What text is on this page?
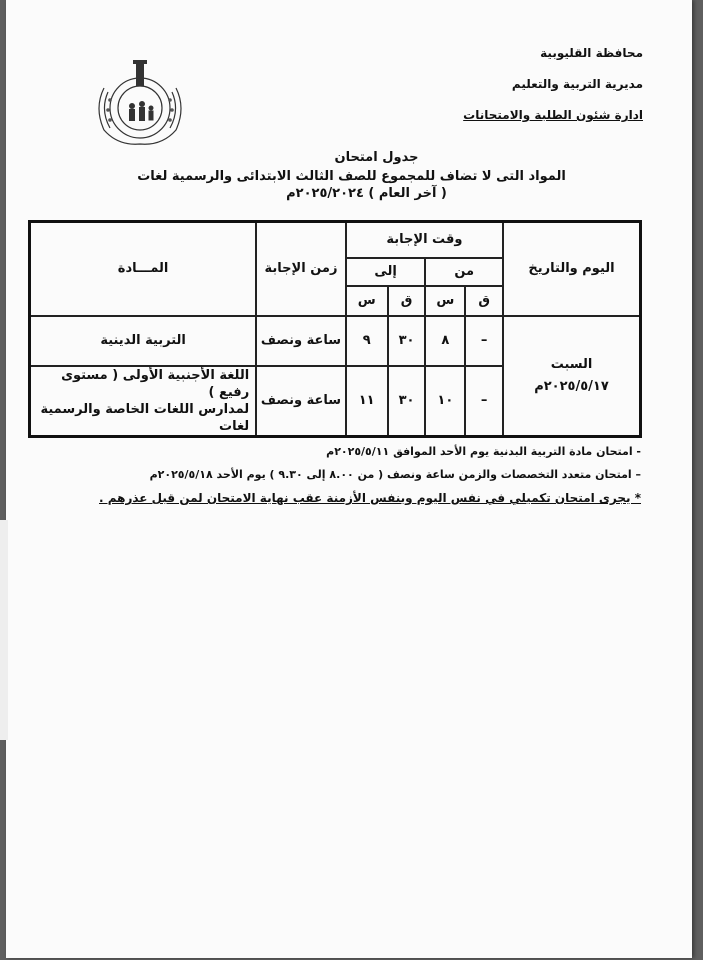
محافظة القليوبية
مديرية التربية والتعليم
ادارة شئون الطلبة والامتحانات
جدول امتحان
المواد التى لا تضاف للمجموع للصف الثالث الابتدائى والرسمية لغات
( آخر العام ) ٢٠٢٥/٢٠٢٤م
اليوم والتاريخ	وقت الإجابة				زمن الإجابة	المـــادة
	من		إلى			
	ق	س	ق	س		

السبت
٢٠٢٥/٥/١٧م	–	٨	٣٠	٩	ساعة ونصف	التربية الدينية
	–	١٠	٣٠	١١	ساعة ونصف	اللغة الأجنبية الأولى ( مستوى رفيع )
لمدارس اللغات الخاصة والرسمية لغات
- امتحان مادة التربية البدنية يوم الأحد الموافق ٢٠٢٥/٥/١١م
– امتحان متعدد التخصصات والزمن ساعة ونصف ( من ٨.٠٠ إلى ٩.٣٠ ) يوم الأحد ٢٠٢٥/٥/١٨م
* يجرى امتحان تكميلي في نفس اليوم وبنفس الأزمنة عقب نهاية الامتحان لمن قبل عذرهم .
